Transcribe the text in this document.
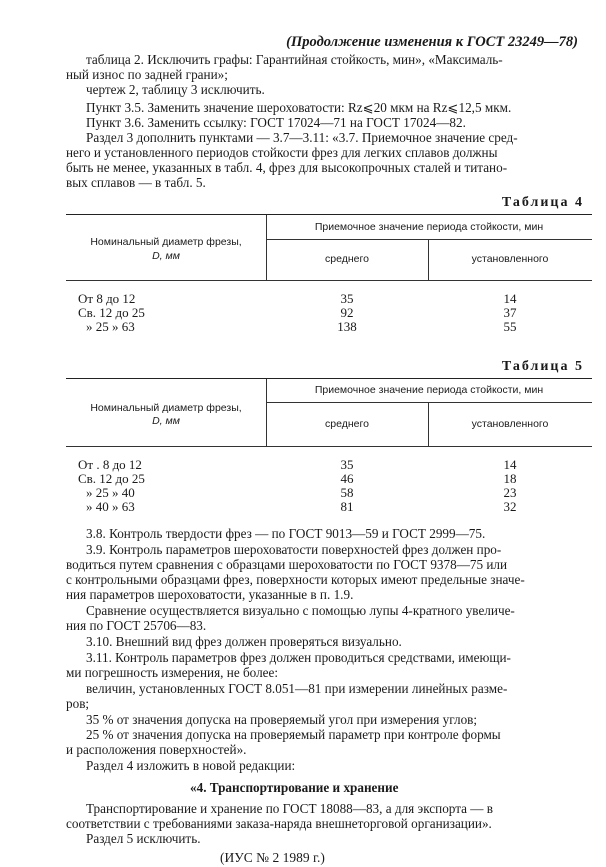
(Продолжение изменения к ГОСТ 23249—78)
таблица 2. Исключить графы: Гарантийная стойкость, мин», «Максималь-
ный износ по задней грани»;
чертеж 2, таблицу 3 исключить.
Пункт 3.5. Заменить значение шероховатости: Rz⩽20 мкм на Rz⩽12,5 мкм.
Пункт 3.6. Заменить ссылку: ГОСТ 17024—71 на ГОСТ 17024—82.
Раздел 3 дополнить пунктами — 3.7—3.11: «3.7. Приемочное значение сред-
него и установленного периодов стойкости фрез для легких сплавов должны
быть не менее, указанных в табл. 4, фрез для высокопрочных сталей и титано-
вых сплавов — в табл. 5.
Таблица 4
Номинальный диаметр фрезы,
D, мм
Приемочное значение периода стойкости, мин
среднего	установленного
От 8 до 12	35	14
Св. 12 до 25	92	37
» 25 » 63	138	55
Таблица 5
Номинальный диаметр фрезы,
D, мм
Приемочное значение периода стойкости, мин
среднего	установленного
От . 8 до 12	35	14
Св. 12 до 25	46	18
» 25 » 40	58	23
» 40 » 63	81	32
3.8. Контроль твердости фрез — по ГОСТ 9013—59 и ГОСТ 2999—75.
3.9. Контроль параметров шероховатости поверхностей фрез должен про-
водиться путем сравнения с образцами шероховатости по ГОСТ 9378—75 или
с контрольными образцами фрез, поверхности которых имеют предельные значе-
ния параметров шероховатости, указанные в п. 1.9.
Сравнение осуществляется визуально с помощью лупы 4-кратного увеличе-
ния по ГОСТ 25706—83.
3.10. Внешний вид фрез должен проверяться визуально.
3.11. Контроль параметров фрез должен проводиться средствами, имеющи-
ми погрешность измерения, не более:
величин, установленных ГОСТ 8.051—81 при измерении линейных разме-
ров;
35 % от значения допуска на проверяемый угол при измерения углов;
25 % от значения допуска на проверяемый параметр при контроле формы
и расположения поверхностей».
Раздел 4 изложить в новой редакции:
«4. Транспортирование и хранение
Транспортирование и хранение по ГОСТ 18088—83, а для экспорта — в
соответствии с требованиями заказа-наряда внешнеторговой организации».
Раздел 5 исключить.
(ИУС № 2 1989 г.)
